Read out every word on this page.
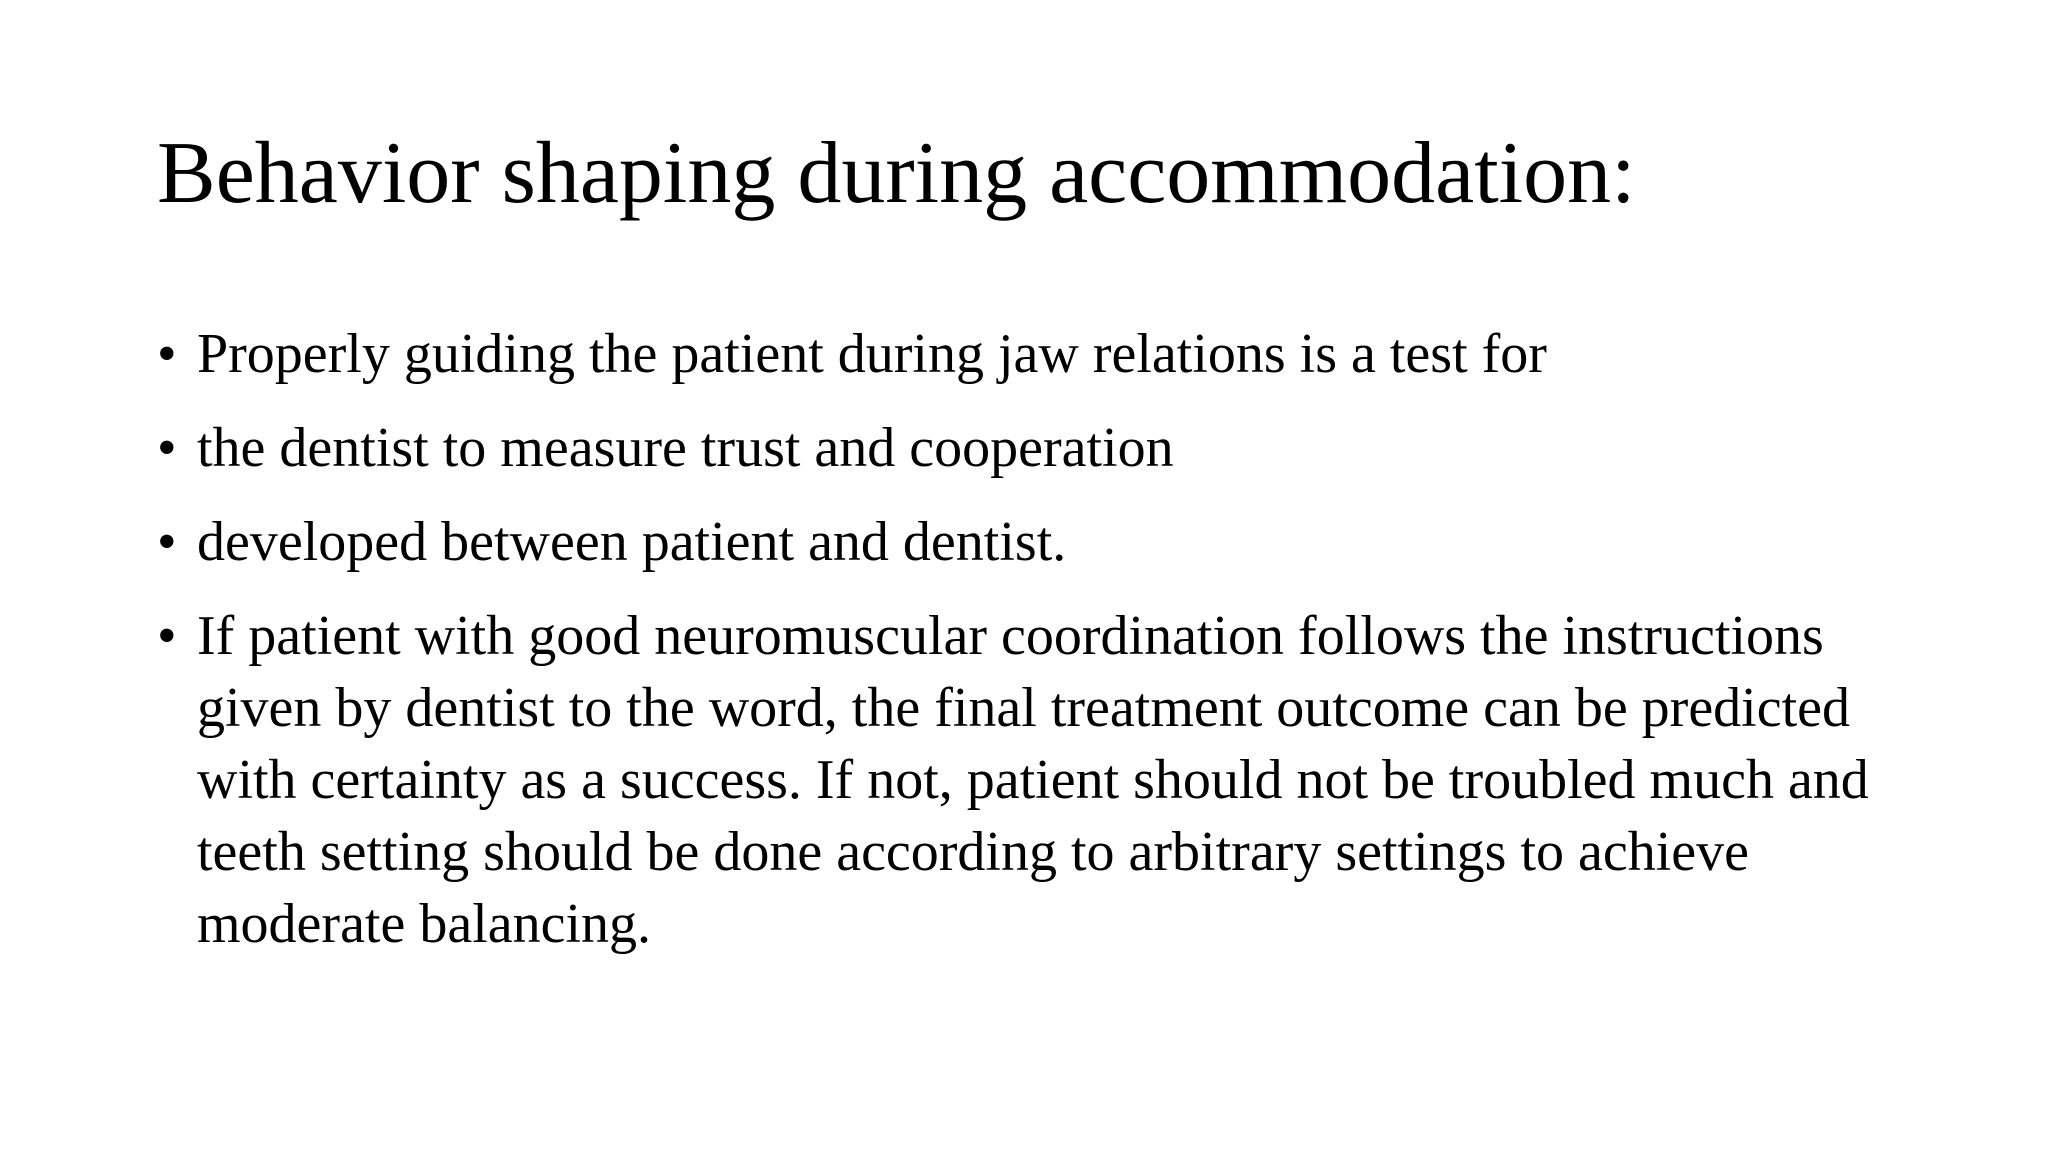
Behavior shaping during accommodation:
• Properly guiding the patient during jaw relations is a test for
• the dentist to measure trust and cooperation
• developed between patient and dentist.
• If patient with good neuromuscular coordination follows the instructions given by dentist to the word, the final treatment outcome can be predicted with certainty as a success. If not, patient should not be troubled much and teeth setting should be done according to arbitrary settings to achieve moderate balancing.
